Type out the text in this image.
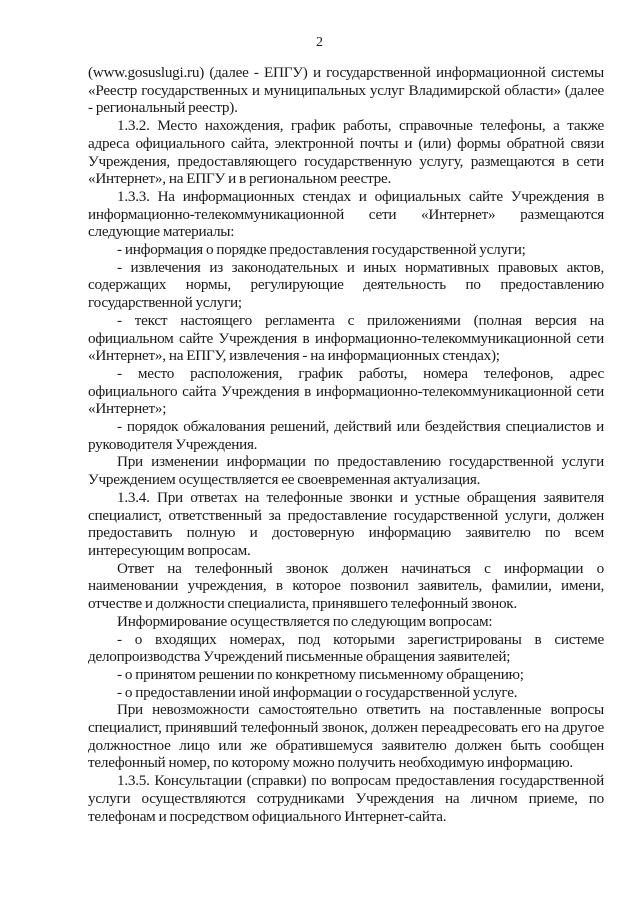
2

(www.gosuslugi.ru) (далее - ЕПГУ) и государственной информационной системы «Реестр государственных и муниципальных услуг Владимирской области» (далее - региональный реестр).

1.3.2. Место нахождения, график работы, справочные телефоны, а также адреса официального сайта, электронной почты и (или) формы обратной связи Учреждения, предоставляющего государственную услугу, размещаются в сети «Интернет», на ЕПГУ и в региональном реестре.

1.3.3. На информационных стендах и официальных сайте Учреждения в информационно-телекоммуникационной сети «Интернет» размещаются следующие материалы:

- информация о порядке предоставления государственной услуги;

- извлечения из законодательных и иных нормативных правовых актов, содержащих нормы, регулирующие деятельность по предоставлению государственной услуги;

- текст настоящего регламента с приложениями (полная версия на официальном сайте Учреждения в информационно-телекоммуникационной сети «Интернет», на ЕПГУ, извлечения - на информационных стендах);

- место расположения, график работы, номера телефонов, адрес официального сайта Учреждения в информационно-телекоммуникационной сети «Интернет»;

- порядок обжалования решений, действий или бездействия специалистов и руководителя Учреждения.

При изменении информации по предоставлению государственной услуги Учреждением осуществляется ее своевременная актуализация.

1.3.4. При ответах на телефонные звонки и устные обращения заявителя специалист, ответственный за предоставление государственной услуги, должен предоставить полную и достоверную информацию заявителю по всем интересующим вопросам.

Ответ на телефонный звонок должен начинаться с информации о наименовании учреждения, в которое позвонил заявитель, фамилии, имени, отчестве и должности специалиста, принявшего телефонный звонок.

Информирование осуществляется по следующим вопросам:

- о входящих номерах, под которыми зарегистрированы в системе делопроизводства Учреждений письменные обращения заявителей;

- о принятом решении по конкретному письменному обращению;

- о предоставлении иной информации о государственной услуге.

При невозможности самостоятельно ответить на поставленные вопросы специалист, принявший телефонный звонок, должен переадресовать его на другое должностное лицо или же обратившемуся заявителю должен быть сообщен телефонный номер, по которому можно получить необходимую информацию.

1.3.5. Консультации (справки) по вопросам предоставления государственной услуги осуществляются сотрудниками Учреждения на личном приеме, по телефонам и посредством официального Интернет-сайта.
